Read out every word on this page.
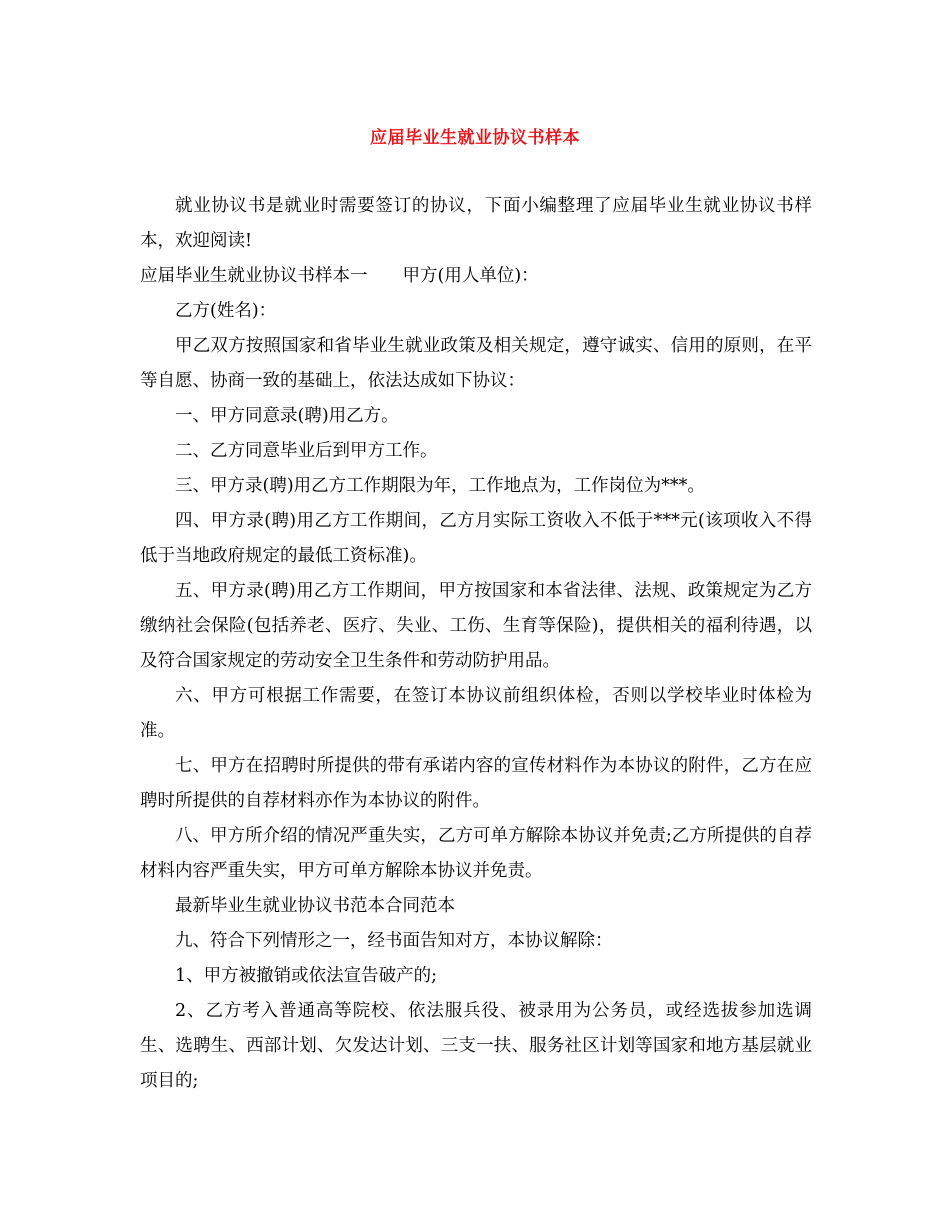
应届毕业生就业协议书样本

就业协议书是就业时需要签订的协议，下面小编整理了应届毕业生就业协议书样本，欢迎阅读!

应届毕业生就业协议书样本一　　甲方(用人单位)：

乙方(姓名)：

甲乙双方按照国家和省毕业生就业政策及相关规定，遵守诚实、信用的原则，在平等自愿、协商一致的基础上，依法达成如下协议：

一、甲方同意录(聘)用乙方。

二、乙方同意毕业后到甲方工作。

三、甲方录(聘)用乙方工作期限为年，工作地点为，工作岗位为***。

四、甲方录(聘)用乙方工作期间，乙方月实际工资收入不低于***元(该项收入不得低于当地政府规定的最低工资标准)。

五、甲方录(聘)用乙方工作期间，甲方按国家和本省法律、法规、政策规定为乙方缴纳社会保险(包括养老、医疗、失业、工伤、生育等保险)，提供相关的福利待遇，以及符合国家规定的劳动安全卫生条件和劳动防护用品。

六、甲方可根据工作需要，在签订本协议前组织体检，否则以学校毕业时体检为准。

七、甲方在招聘时所提供的带有承诺内容的宣传材料作为本协议的附件，乙方在应聘时所提供的自荐材料亦作为本协议的附件。

八、甲方所介绍的情况严重失实，乙方可单方解除本协议并免责;乙方所提供的自荐材料内容严重失实，甲方可单方解除本协议并免责。

最新毕业生就业协议书范本合同范本

九、符合下列情形之一，经书面告知对方，本协议解除：

1、甲方被撤销或依法宣告破产的;

2、乙方考入普通高等院校、依法服兵役、被录用为公务员，或经选拔参加选调生、选聘生、西部计划、欠发达计划、三支一扶、服务社区计划等国家和地方基层就业项目的;
